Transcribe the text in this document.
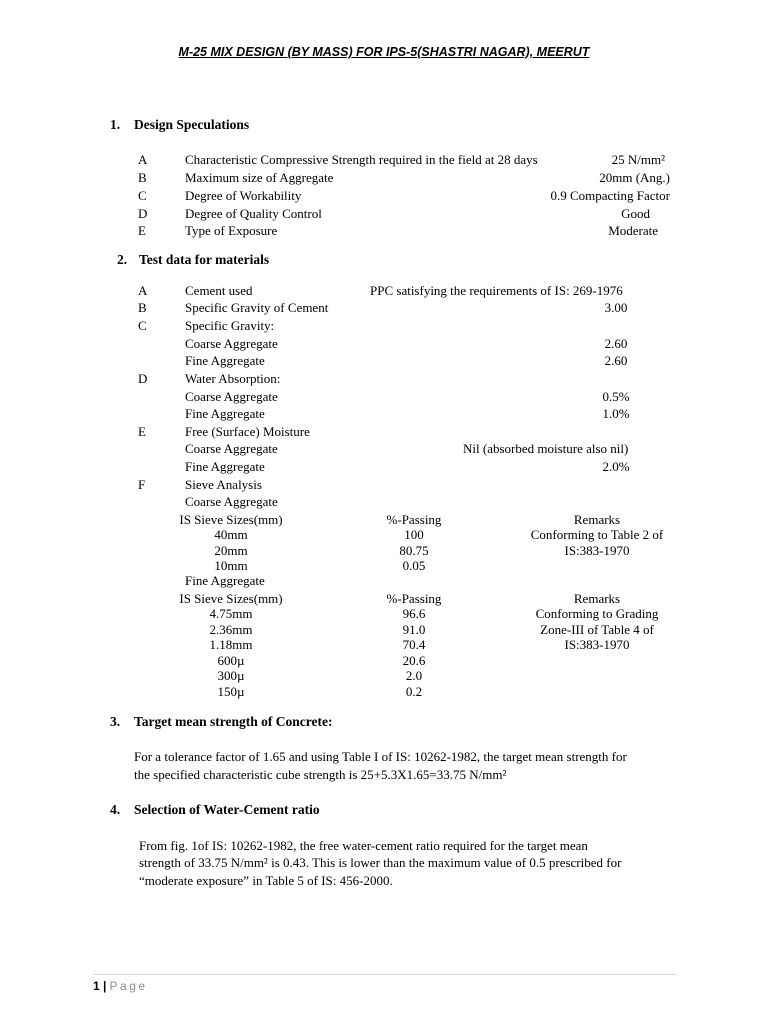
M-25 MIX DESIGN (BY MASS) FOR IPS-5(SHASTRI NAGAR), MEERUT
1. Design Speculations
A	Characteristic Compressive Strength required in the field at 28 days	25 N/mm²
B	Maximum size of Aggregate	20mm (Ang.)
C	Degree of Workability	0.9 Compacting Factor
D	Degree of Quality Control	Good
E	Type of Exposure	Moderate
2. Test data for materials
A	Cement used	PPC satisfying the requirements of IS: 269-1976
B	Specific Gravity of Cement	3.00
C	Specific Gravity:
Coarse Aggregate	2.60
Fine Aggregate	2.60
D	Water Absorption:
Coarse Aggregate	0.5%
Fine Aggregate	1.0%
E	Free (Surface) Moisture
Coarse Aggregate	Nil (absorbed moisture also nil)
Fine Aggregate	2.0%
F	Sieve Analysis
Coarse Aggregate
IS Sieve Sizes(mm)	%-Passing	Remarks
40mm	100
20mm	80.75
10mm	0.05
Conforming to Table 2 of
IS:383-1970
Fine Aggregate
IS Sieve Sizes(mm)	%-Passing	Remarks
4.75mm	96.6
2.36mm	91.0
1.18mm	70.4
600µ	20.6
300µ	2.0
150µ	0.2
Conforming to Grading
Zone-III of Table 4 of
IS:383-1970
3. Target mean strength of Concrete:
For a tolerance factor of 1.65 and using Table I of IS: 10262-1982, the target mean strength for
the specified characteristic cube strength is 25+5.3X1.65=33.75 N/mm²
4. Selection of Water-Cement ratio
From fig. 1of IS: 10262-1982, the free water-cement ratio required for the target mean
strength of 33.75 N/mm² is 0.43. This is lower than the maximum value of 0.5 prescribed for
“moderate exposure” in Table 5 of IS: 456-2000.
1 | Page
